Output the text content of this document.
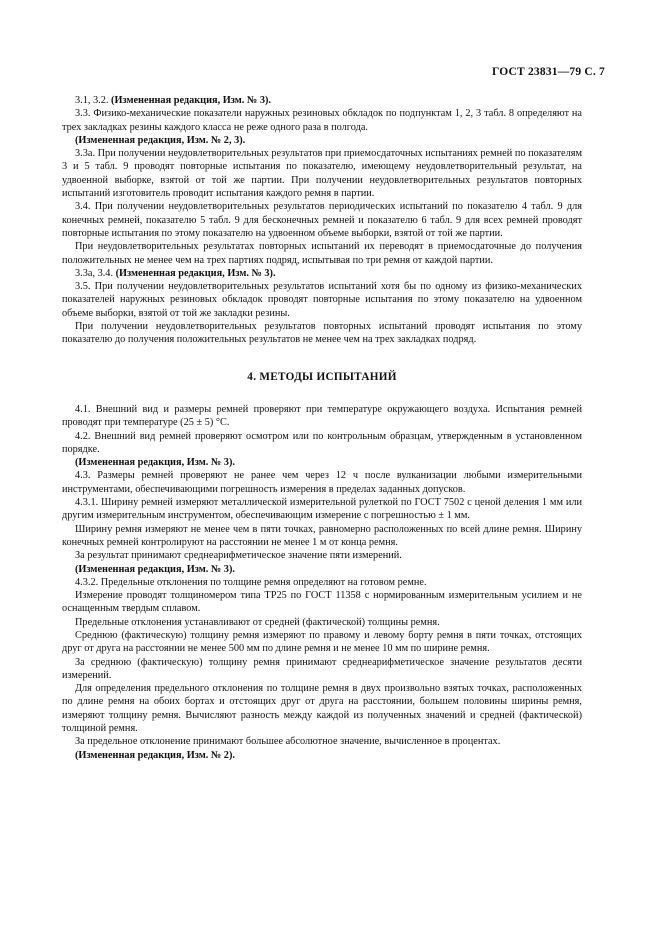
ГОСТ 23831—79 С. 7

3.1, 3.2. (Измененная редакция, Изм. № 3).

3.3. Физико-механические показатели наружных резиновых обкладок по подпунктам 1, 2, 3 табл. 8 определяют на трех закладках резины каждого класса не реже одного раза в полгода.

(Измененная редакция, Изм. № 2, 3).

3.3а. При получении неудовлетворительных результатов при приемосдаточных испытаниях ремней по показателям 3 и 5 табл. 9 проводят повторные испытания по показателю, имеющему неудовлетворительный результат, на удвоенной выборке, взятой от той же партии. При получении неудовлетворительных результатов повторных испытаний изготовитель проводит испытания каждого ремня в партии.

3.4. При получении неудовлетворительных результатов периодических испытаний по показателю 4 табл. 9 для конечных ремней, показателю 5 табл. 9 для бесконечных ремней и показателю 6 табл. 9 для всех ремней проводят повторные испытания по этому показателю на удвоенном объеме выборки, взятой от той же партии.

При неудовлетворительных результатах повторных испытаний их переводят в приемосдаточные до получения положительных не менее чем на трех партиях подряд, испытывая по три ремня от каждой партии.

3.3а, 3.4. (Измененная редакция, Изм. № 3).

3.5. При получении неудовлетворительных результатов испытаний хотя бы по одному из физико-механических показателей наружных резиновых обкладок проводят повторные испытания по этому показателю на удвоенном объеме выборки, взятой от той же закладки резины.

При получении неудовлетворительных результатов повторных испытаний проводят испытания по этому показателю до получения положительных результатов не менее чем на трех закладках подряд.

4. МЕТОДЫ ИСПЫТАНИЙ

4.1. Внешний вид и размеры ремней проверяют при температуре окружающего воздуха. Испытания ремней проводят при температуре (25 ± 5) °С.

4.2. Внешний вид ремней проверяют осмотром или по контрольным образцам, утвержденным в установленном порядке.

(Измененная редакция, Изм. № 3).

4.3. Размеры ремней проверяют не ранее чем через 12 ч после вулканизации любыми измерительными инструментами, обеспечивающими погрешность измерения в пределах заданных допусков.

4.3.1. Ширину ремней измеряют металлической измерительной рулеткой по ГОСТ 7502 с ценой деления 1 мм или другим измерительным инструментом, обеспечивающим измерение с погрешностью ± 1 мм.

Ширину ремня измеряют не менее чем в пяти точках, равномерно расположенных по всей длине ремня. Ширину конечных ремней контролируют на расстоянии не менее 1 м от конца ремня.

За результат принимают среднеарифметическое значение пяти измерений.

(Измененная редакция, Изм. № 3).

4.3.2. Предельные отклонения по толщине ремня определяют на готовом ремне.

Измерение проводят толщиномером типа ТР25 по ГОСТ 11358 с нормированным измерительным усилием и не оснащенным твердым сплавом.

Предельные отклонения устанавливают от средней (фактической) толщины ремня.

Среднюю (фактическую) толщину ремня измеряют по правому и левому борту ремня в пяти точках, отстоящих друг от друга на расстоянии не менее 500 мм по длине ремня и не менее 10 мм по ширине ремня.

За среднюю (фактическую) толщину ремня принимают среднеарифметическое значение результатов десяти измерений.

Для определения предельного отклонения по толщине ремня в двух произвольно взятых точках, расположенных по длине ремня на обоих бортах и отстоящих друг от друга на расстоянии, большем половины ширины ремня, измеряют толщину ремня. Вычисляют разность между каждой из полученных значений и средней (фактической) толщиной ремня.

За предельное отклонение принимают большее абсолютное значение, вычисленное в процентах.

(Измененная редакция, Изм. № 2).
